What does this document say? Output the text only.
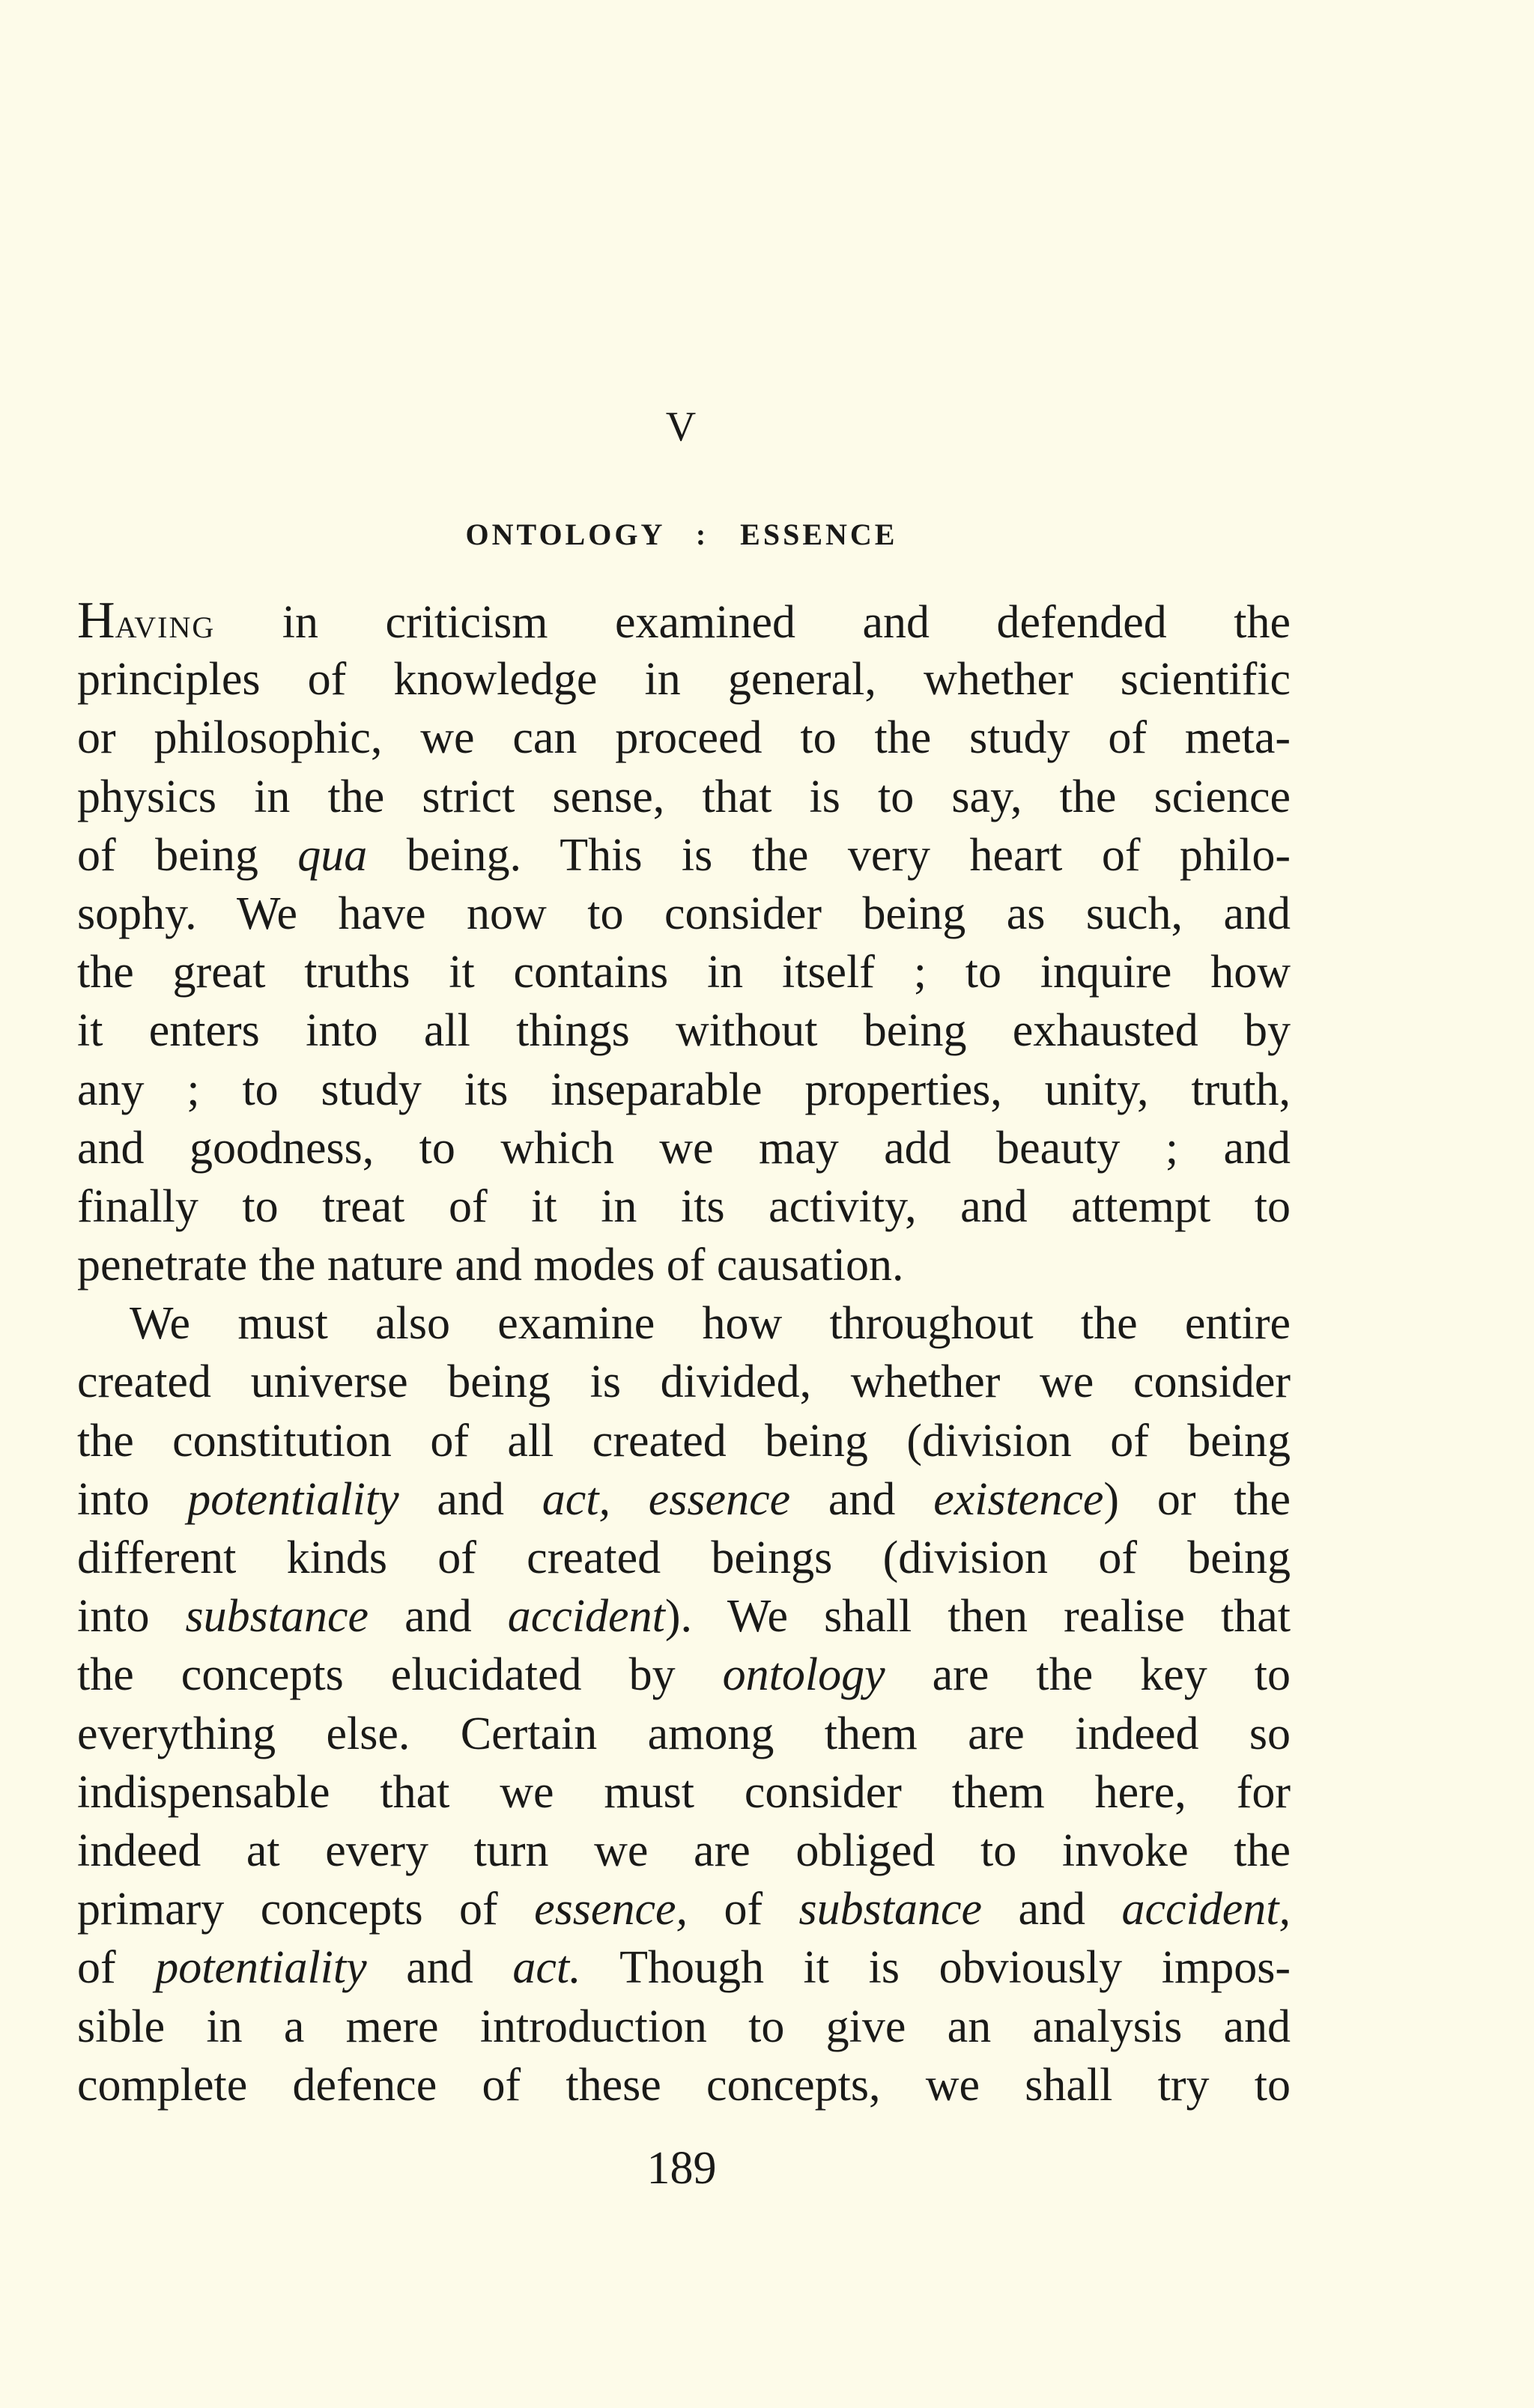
V
ONTOLOGY : ESSENCE
HAVING in criticism examined and defended the
principles of knowledge in general, whether scientific
or philosophic, we can proceed to the study of meta-
physics in the strict sense, that is to say, the science
of being qua being. This is the very heart of philo-
sophy. We have now to consider being as such, and
the great truths it contains in itself ; to inquire how
it enters into all things without being exhausted by
any ; to study its inseparable properties, unity, truth,
and goodness, to which we may add beauty ; and
finally to treat of it in its activity, and attempt to
penetrate the nature and modes of causation.
We must also examine how throughout the entire
created universe being is divided, whether we consider
the constitution of all created being (division of being
into potentiality and act, essence and existence) or the
different kinds of created beings (division of being
into substance and accident). We shall then realise that
the concepts elucidated by ontology are the key to
everything else. Certain among them are indeed so
indispensable that we must consider them here, for
indeed at every turn we are obliged to invoke the
primary concepts of essence, of substance and accident,
of potentiality and act. Though it is obviously impos-
sible in a mere introduction to give an analysis and
complete defence of these concepts, we shall try to
189
